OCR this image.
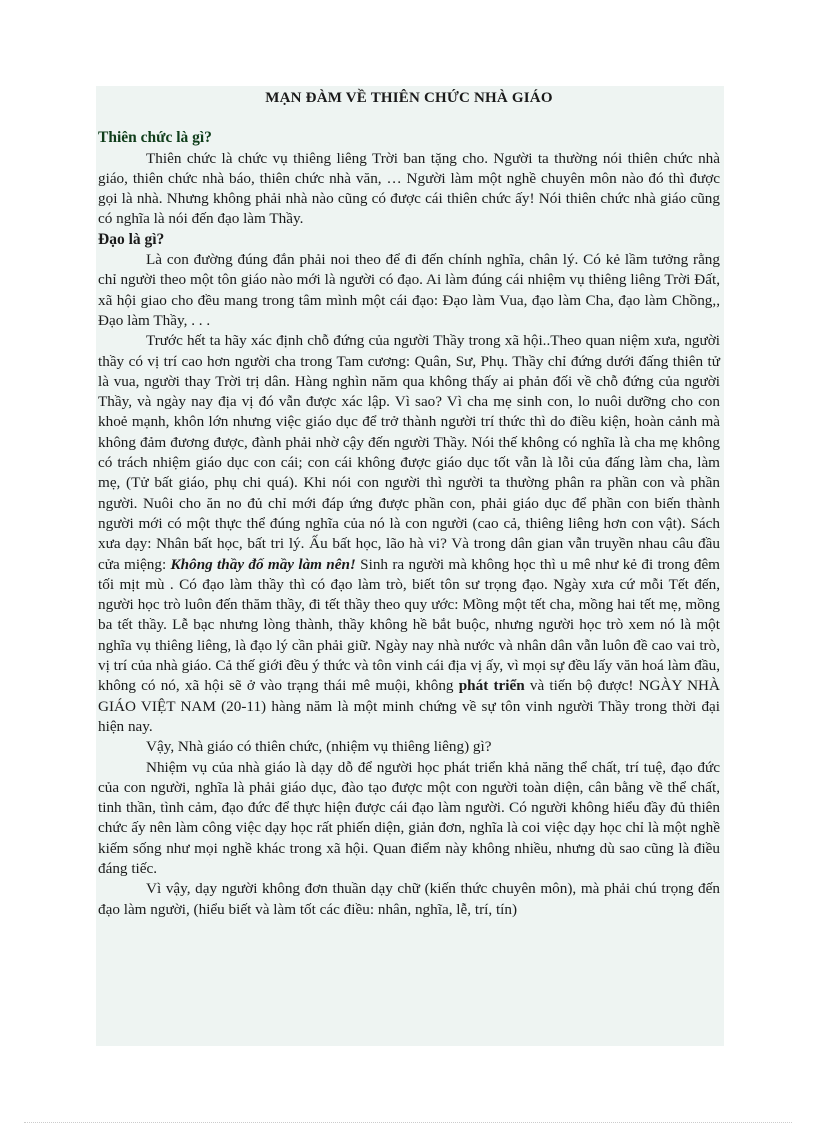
MẠN ĐÀM VỀ THIÊN CHỨC NHÀ GIÁO
Thiên chức là gì?

Thiên chức là chức vụ thiêng liêng Trời ban tặng cho. Người ta thường nói thiên chức nhà giáo, thiên chức nhà báo, thiên chức nhà văn, … Người làm một nghề chuyên môn nào đó thì được gọi là nhà. Nhưng không phải nhà nào cũng có được cái thiên chức ấy! Nói thiên chức nhà giáo cũng có nghĩa là nói đến đạo làm Thầy.

Đạo là gì?

Là con đường đúng đắn phải noi theo để đi đến chính nghĩa, chân lý. Có kẻ lầm tưởng rằng chỉ người theo một tôn giáo nào mới là người có đạo. Ai làm đúng cái nhiệm vụ thiêng liêng Trời Đất, xã hội giao cho đều mang trong tâm mình một cái đạo: Đạo làm Vua, đạo làm Cha, đạo làm Chồng,, Đạo làm Thầy, . . .

Trước hết ta hãy xác định chỗ đứng của người Thầy trong xã hội..Theo quan niệm xưa, người thầy có vị trí cao hơn người cha trong Tam cương: Quân, Sư, Phụ. Thầy chỉ đứng dưới đấng thiên tử là vua, người thay Trời trị dân. Hàng nghìn năm qua không thấy ai phản đối về chỗ đứng của người Thầy, và ngày nay địa vị đó vẫn được xác lập. Vì sao? Vì cha mẹ sinh con, lo nuôi dưỡng cho con khoẻ mạnh, khôn lớn nhưng việc giáo dục để trở thành người trí thức thì do điều kiện, hoàn cảnh mà không đảm đương được, đành phải nhờ cậy đến người Thầy. Nói thế không có nghĩa là cha mẹ không có trách nhiệm giáo dục con cái; con cái không được giáo dục tốt vẫn là lỗi của đấng làm cha, làm mẹ, (Tử bất giáo, phụ chi quá). Khi nói con người thì người ta thường phân ra phần con và phần người. Nuôi cho ăn no đủ chỉ mới đáp ứng được phần con, phải giáo dục để phần con biến thành người mới có một thực thể đúng nghĩa của nó là con người (cao cả, thiêng liêng hơn con vật). Sách xưa dạy: Nhân bất học, bất tri lý. Ấu bất học, lão hà vi? Và trong dân gian vẫn truyền nhau câu đầu cửa miệng: Không thầy đố mầy làm nên! Sinh ra người mà không học thì u mê như kẻ đi trong đêm tối mịt mù . Có đạo làm thầy thì có đạo làm trò, biết tôn sư trọng đạo. Ngày xưa cứ mỗi Tết đến, người học trò luôn đến thăm thầy, đi tết thầy theo quy ước: Mồng một tết cha, mồng hai tết mẹ, mồng ba tết thầy. Lễ bạc nhưng lòng thành, thầy không hề bắt buộc, nhưng người học trò xem nó là một nghĩa vụ thiêng liêng, là đạo lý cần phải giữ. Ngày nay nhà nước và nhân dân vẫn luôn đề cao vai trò, vị trí của nhà giáo. Cả thế giới đều ý thức và tôn vinh cái địa vị ấy, vì mọi sự đều lấy văn hoá làm đầu, không có nó, xã hội sẽ ở vào trạng thái mê muội, không phát triển và tiến bộ được! NGÀY NHÀ GIÁO VIỆT NAM (20-11) hàng năm là một minh chứng về sự tôn vinh người Thầy trong thời đại hiện nay.

Vậy, Nhà giáo có thiên chức, (nhiệm vụ thiêng liêng) gì?

Nhiệm vụ của nhà giáo là dạy dỗ để người học phát triển khả năng thể chất, trí tuệ, đạo đức của con người, nghĩa là phải giáo dục, đào tạo được một con người toàn diện, cân bằng về thể chất, tinh thần, tình cảm, đạo đức để thực hiện được cái đạo làm người. Có người không hiểu đầy đủ thiên chức ấy nên làm công việc dạy học rất phiến diện, giản đơn, nghĩa là coi việc dạy học chỉ là một nghề kiếm sống như mọi nghề khác trong xã hội. Quan điểm này không nhiều, nhưng dù sao cũng là điều đáng tiếc.

Vì vậy, dạy người không đơn thuần dạy chữ (kiến thức chuyên môn), mà phải chú trọng đến đạo làm người, (hiểu biết và làm tốt các điều: nhân, nghĩa, lễ, trí, tín)
